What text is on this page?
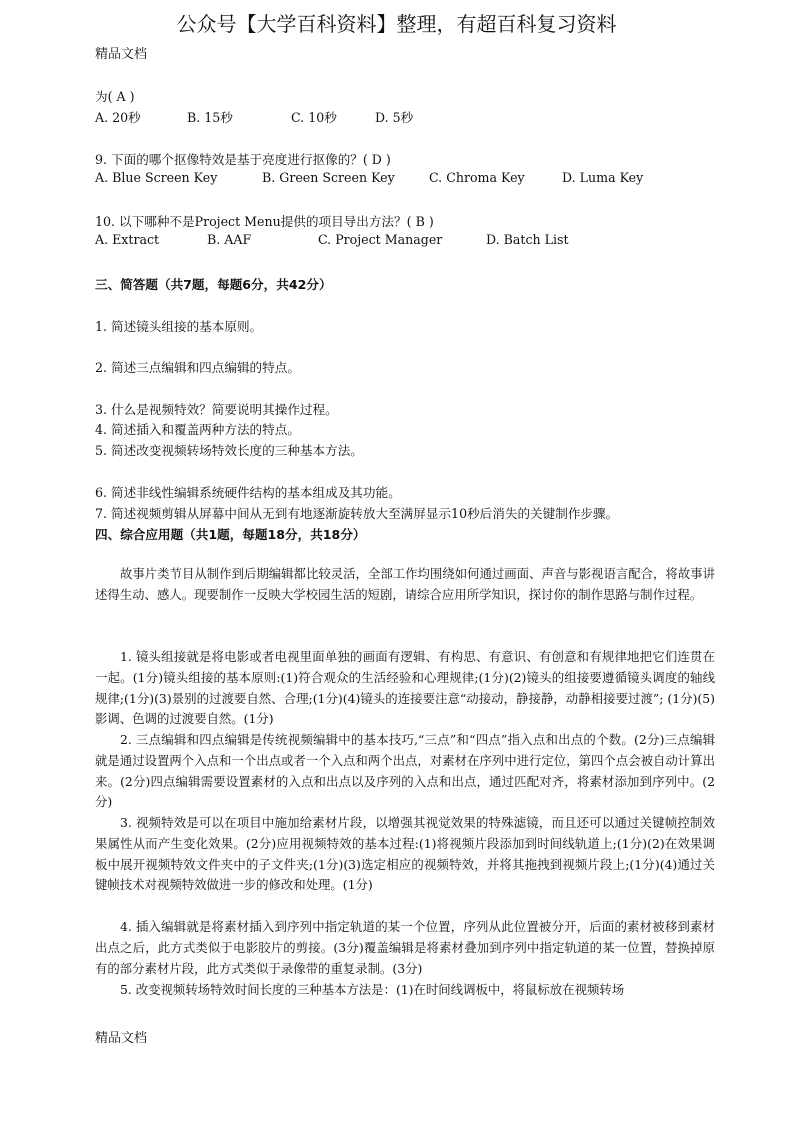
公众号【大学百科资料】整理，有超百科复习资料
精品文档
为( A )
A. 20秒	B. 15秒	C. 10秒	D. 5秒
9. 下面的哪个抠像特效是基于亮度进行抠像的？( D )
A. Blue Screen Key	B. Green Screen Key	C. Chroma Key	D. Luma Key
10. 以下哪种不是Project Menu提供的项目导出方法？( B )
A. Extract	B. AAF	C. Project Manager	D. Batch List
三、简答题（共7题，每题6分，共42分）
1. 简述镜头组接的基本原则。
2. 简述三点编辑和四点编辑的特点。
3. 什么是视频特效？简要说明其操作过程。
4. 简述插入和覆盖两种方法的特点。
5. 简述改变视频转场特效长度的三种基本方法。
6. 简述非线性编辑系统硬件结构的基本组成及其功能。
7. 简述视频剪辑从屏幕中间从无到有地逐渐旋转放大至满屏显示10秒后消失的关键制作步骤。
四、综合应用题（共1题，每题18分，共18分）
故事片类节目从制作到后期编辑都比较灵活，全部工作均围绕如何通过画面、声音与影视语言配合，将故事讲述得生动、感人。现要制作一反映大学校园生活的短剧，请综合应用所学知识，探讨你的制作思路与制作过程。
1. 镜头组接就是将电影或者电视里面单独的画面有逻辑、有构思、有意识、有创意和有规律地把它们连贯在一起。(1分)镜头组接的基本原则:(1)符合观众的生活经验和心理规律;(1分)(2)镜头的组接要遵循镜头调度的轴线规律;(1分)(3)景别的过渡要自然、合理;(1分)(4)镜头的连接要注意“动接动，静接静，动静相接要过渡”; (1分)(5)影调、色调的过渡要自然。(1分)
2. 三点编辑和四点编辑是传统视频编辑中的基本技巧,“三点”和“四点”指入点和出点的个数。(2分)三点编辑就是通过设置两个入点和一个出点或者一个入点和两个出点，对素材在序列中进行定位，第四个点会被自动计算出来。(2分)四点编辑需要设置素材的入点和出点以及序列的入点和出点，通过匹配对齐，将素材添加到序列中。(2分)
3. 视频特效是可以在项目中施加给素材片段，以增强其视觉效果的特殊滤镜，而且还可以通过关键帧控制效果属性从而产生变化效果。(2分)应用视频特效的基本过程:(1)将视频片段添加到时间线轨道上;(1分)(2)在效果调板中展开视频特效文件夹中的子文件夹;(1分)(3)选定相应的视频特效，并将其拖拽到视频片段上;(1分)(4)通过关键帧技术对视频特效做进一步的修改和处理。(1分)
4. 插入编辑就是将素材插入到序列中指定轨道的某一个位置，序列从此位置被分开，后面的素材被移到素材出点之后，此方式类似于电影胶片的剪接。(3分)覆盖编辑是将素材叠加到序列中指定轨道的某一位置，替换掉原有的部分素材片段，此方式类似于录像带的重复录制。(3分)
5. 改变视频转场特效时间长度的三种基本方法是：(1)在时间线调板中，将鼠标放在视频转场
精品文档
